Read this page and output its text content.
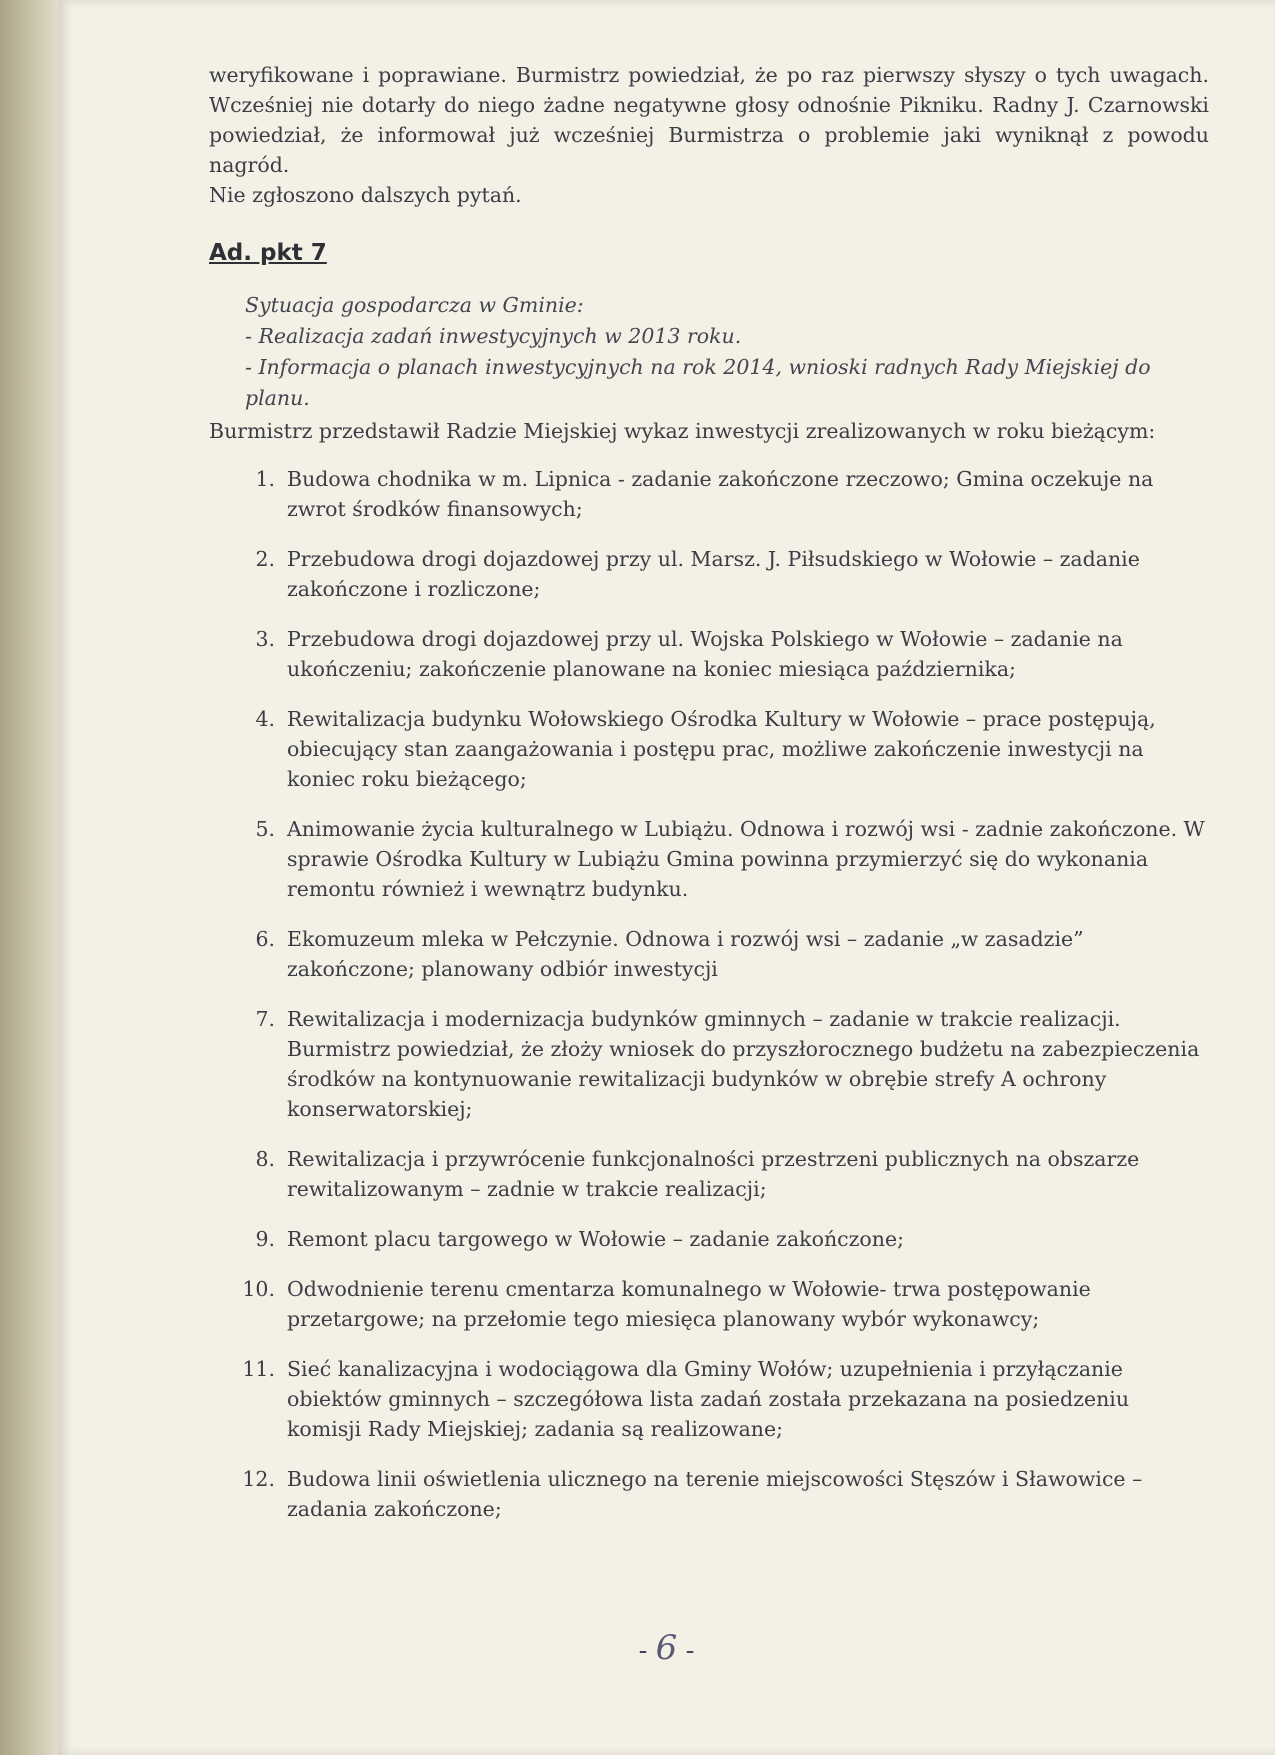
weryfikowane i poprawiane. Burmistrz powiedział, że po raz pierwszy słyszy o tych uwagach. Wcześniej nie dotarły do niego żadne negatywne głosy odnośnie Pikniku. Radny J. Czarnowski powiedział, że informował już wcześniej Burmistrza o problemie jaki wyniknął z powodu nagród.

Nie zgłoszono dalszych pytań.

Ad. pkt 7

Sytuacja gospodarcza w Gminie:

- Realizacja zadań inwestycyjnych w 2013 roku.

- Informacja o planach inwestycyjnych na rok 2014, wnioski radnych Rady Miejskiej do planu.

Burmistrz przedstawił Radzie Miejskiej wykaz inwestycji zrealizowanych w roku bieżącym:

1. Budowa chodnika w m. Lipnica - zadanie zakończone rzeczowo; Gmina oczekuje na zwrot środków finansowych;
2. Przebudowa drogi dojazdowej przy ul. Marsz. J. Piłsudskiego w Wołowie – zadanie zakończone i rozliczone;
3. Przebudowa drogi dojazdowej przy ul. Wojska Polskiego w Wołowie – zadanie na ukończeniu; zakończenie planowane na koniec miesiąca października;
4. Rewitalizacja budynku Wołowskiego Ośrodka Kultury w Wołowie – prace postępują, obiecujący stan zaangażowania i postępu prac, możliwe zakończenie inwestycji na koniec roku bieżącego;
5. Animowanie życia kulturalnego w Lubiążu. Odnowa i rozwój wsi - zadnie zakończone. W sprawie Ośrodka Kultury w Lubiążu Gmina powinna przymierzyć się do wykonania remontu również i wewnątrz budynku.
6. Ekomuzeum mleka w Pełczynie. Odnowa i rozwój wsi – zadanie „w zasadzie” zakończone; planowany odbiór inwestycji
7. Rewitalizacja i modernizacja budynków gminnych – zadanie w trakcie realizacji. Burmistrz powiedział, że złoży wniosek do przyszłorocznego budżetu na zabezpieczenia środków na kontynuowanie rewitalizacji budynków w obrębie strefy A ochrony konserwatorskiej;
8. Rewitalizacja i przywrócenie funkcjonalności przestrzeni publicznych na obszarze rewitalizowanym – zadnie w trakcie realizacji;
9. Remont placu targowego w Wołowie – zadanie zakończone;
10. Odwodnienie terenu cmentarza komunalnego w Wołowie- trwa postępowanie przetargowe; na przełomie tego miesięca planowany wybór wykonawcy;
11. Sieć kanalizacyjna i wodociągowa dla Gminy Wołów; uzupełnienia i przyłączanie obiektów gminnych – szczegółowa lista zadań została przekazana na posiedzeniu komisji Rady Miejskiej; zadania są realizowane;
12. Budowa linii oświetlenia ulicznego na terenie miejscowości Stęszów i Sławowice – zadania zakończone;
- 6 -
